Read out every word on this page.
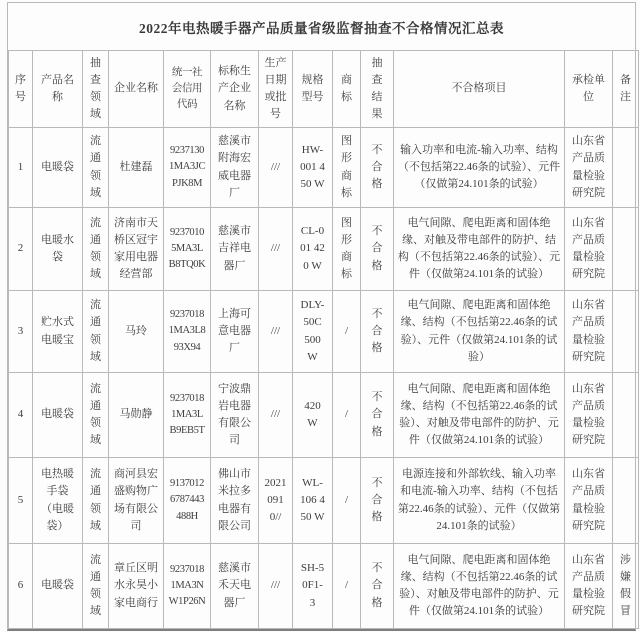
2022年电热暖手器产品质量省级监督抽查不合格情况汇总表
序号	产品名称	抽查领域	企业名称	统一社会信用代码	标称生产企业名称	生产日期或批号	规格型号	商标	抽查结果	不合格项目	承检单位	备注
1	电暖袋	流通领域	杜建磊	92371301MA3JCPJK8M	慈溪市附海宏威电器厂	///	HW-001 450 W	图形商标	不合格	输入功率和电流-输入功率、结构（不包括第22.46条的试验）、元件（仅做第24.101条的试验）	山东省产品质量检验研究院	
2	电暖水袋	流通领域	济南市天桥区冠宇家用电器经营部	92370105MA3LB8TQ0K	慈溪市吉祥电器厂	///	CL-001 420 W	图形商标	不合格	电气间隙、爬电距离和固体绝缘、对触及带电部件的防护、结构（不包括第22.46条的试验）、元件（仅做第24.101条的试验）	山东省产品质量检验研究院	
3	贮水式电暖宝	流通领域	马玲	92370181MA3L893X94	上海可意电器厂	///	DLY-50C 500 W	/	不合格	电气间隙、爬电距离和固体绝缘、结构（不包括第22.46条的试验）、元件（仅做第24.101条的试验）	山东省产品质量检验研究院	
4	电暖袋	流通领域	马勋静	92370181MA3LB9EB5T	宁波鼎岩电器有限公司	///	420 W	/	不合格	电气间隙、爬电距离和固体绝缘、结构（不包括第22.46条的试验）、对触及带电部件的防护、元件（仅做第24.101条的试验）	山东省产品质量检验研究院	
5	电热暖手袋（电暖袋）	流通领域	商河县宏盛购物广场有限公司	91370126787443488H	佛山市米拉多电器有限公司	20210910//	WL-106 450 W	/	不合格	电源连接和外部软线、输入功率和电流-输入功率、结构（不包括第22.46条的试验）、元件（仅做第24.101条的试验）	山东省产品质量检验研究院	
6	电暖袋	流通领域	章丘区明水永昊小家电商行	92370181MA3NW1P26N	慈溪市禾天电器厂	///	SH-50F1-3	/	不合格	电气间隙、爬电距离和固体绝缘、结构（不包括第22.46条的试验）、对触及带电部件的防护、元件（仅做第24.101条的试验）	山东省产品质量检验研究院	涉嫌假冒
